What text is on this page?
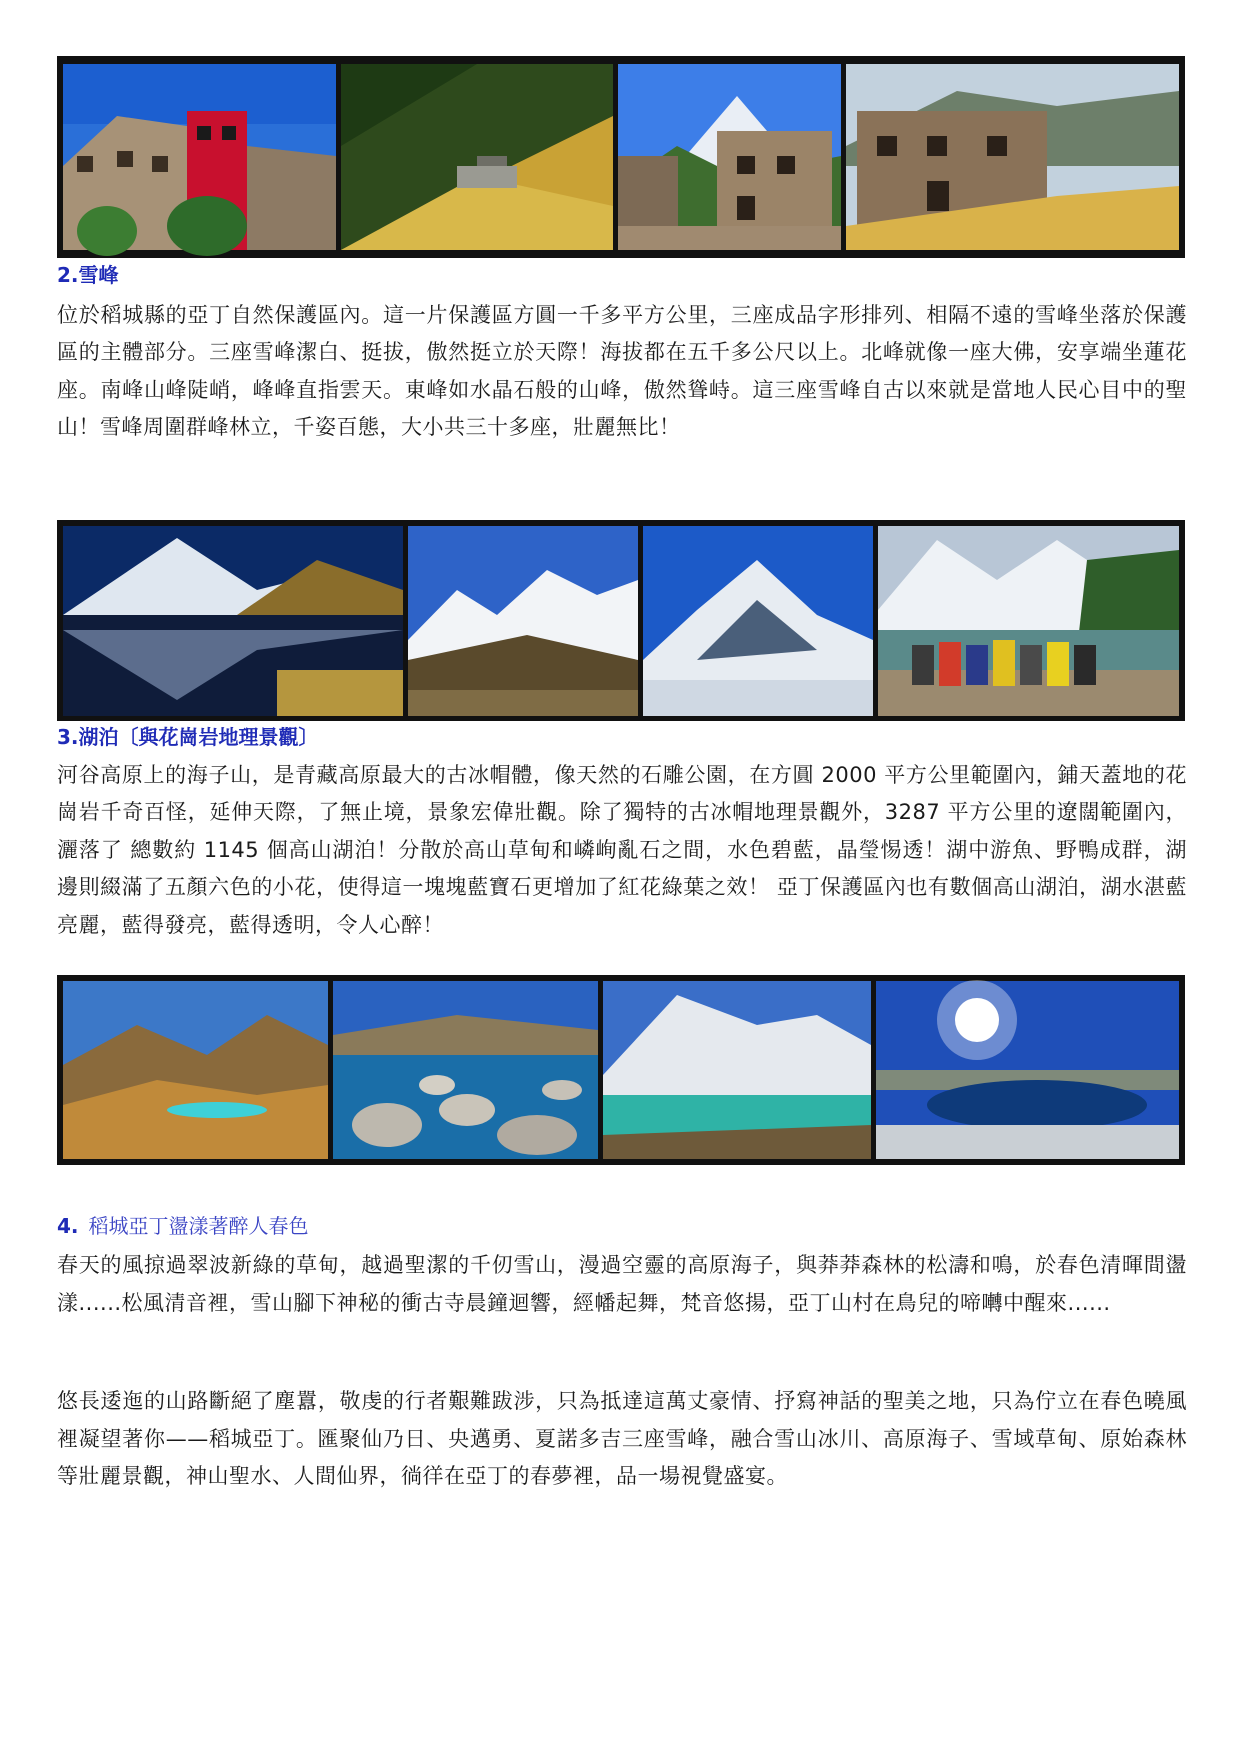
2.雪峰

位於稻城縣的亞丁自然保護區內。這一片保護區方圓一千多平方公里，三座成品字形排列、相隔不遠的雪峰坐落於保護區的主體部分。三座雪峰潔白、挺拔，傲然挺立於天際！海拔都在五千多公尺以上。北峰就像一座大佛，安享端坐蓮花座。南峰山峰陡峭，峰峰直指雲天。東峰如水晶石般的山峰，傲然聳峙。這三座雪峰自古以來就是當地人民心目中的聖山！雪峰周圍群峰林立，千姿百態，大小共三十多座，壯麗無比！

3.湖泊〔與花崗岩地理景觀〕

河谷高原上的海子山，是青藏高原最大的古冰帽體，像天然的石雕公園，在方圓 2000 平方公里範圍內，鋪天蓋地的花崗岩千奇百怪，延伸天際，了無止境，景象宏偉壯觀。除了獨特的古冰帽地理景觀外，3287 平方公里的遼闊範圍內，灑落了 總數約 1145 個高山湖泊！分散於高山草甸和嶙峋亂石之間，水色碧藍，晶瑩惕透！湖中游魚、野鴨成群，湖邊則綴滿了五顏六色的小花，使得這一塊塊藍寶石更增加了紅花綠葉之效！ 亞丁保護區內也有數個高山湖泊，湖水湛藍亮麗，藍得發亮，藍得透明，令人心醉！

4. 稻城亞丁盪漾著醉人春色

春天的風掠過翠波新綠的草甸，越過聖潔的千仞雪山，漫過空靈的高原海子，與莽莽森林的松濤和鳴，於春色清暉間盪漾......松風清音裡，雪山腳下神秘的衝古寺晨鐘迴響，經幡起舞，梵音悠揚，亞丁山村在鳥兒的啼囀中醒來......

悠長逶迤的山路斷絕了塵囂，敬虔的行者艱難跋涉，只為抵達這萬丈豪情、抒寫神話的聖美之地，只為佇立在春色曉風裡凝望著你——稻城亞丁。匯聚仙乃日、央邁勇、夏諾多吉三座雪峰，融合雪山冰川、高原海子、雪域草甸、原始森林等壯麗景觀，神山聖水、人間仙界，徜徉在亞丁的春夢裡，品一場視覺盛宴。
